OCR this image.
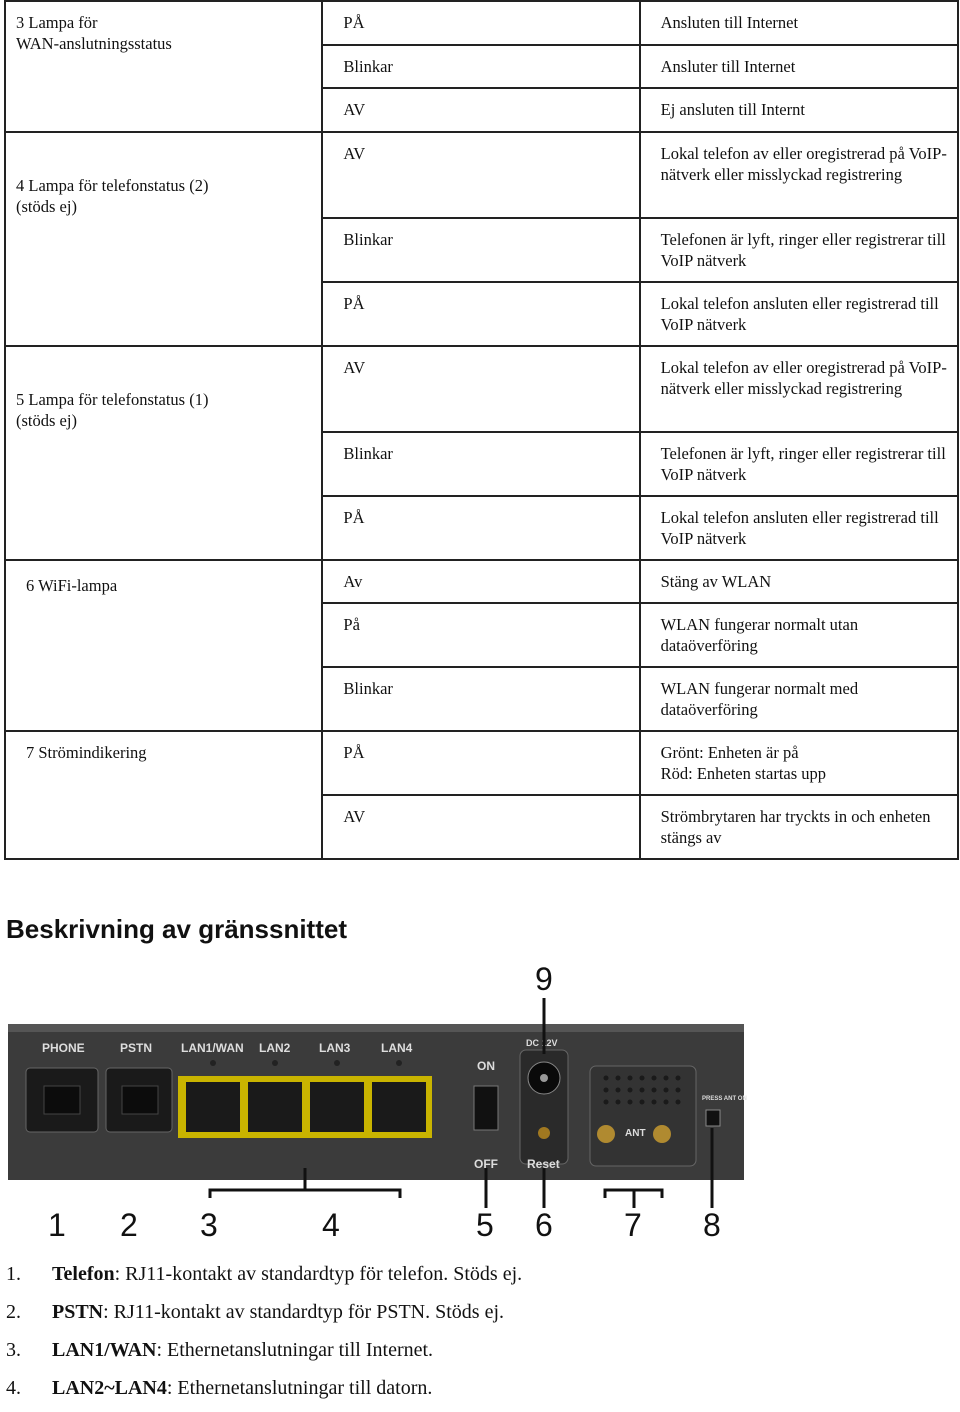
3 Lampa för
WAN-anslutningsstatus	PÅ	Ansluten till Internet
	Blinkar	Ansluter till Internet
	AV	Ej ansluten till Internt
4 Lampa för telefonstatus (2)
(stöds ej)	AV	Lokal telefon av eller oregistrerad på VoIP-nätverk eller misslyckad registrering
	Blinkar	Telefonen är lyft, ringer eller registrerar till VoIP nätverk
	PÅ	Lokal telefon ansluten eller registrerad till VoIP nätverk
5 Lampa för telefonstatus (1)
(stöds ej)	AV	Lokal telefon av eller oregistrerad på VoIP-nätverk eller misslyckad registrering
	Blinkar	Telefonen är lyft, ringer eller registrerar till VoIP nätverk
	PÅ	Lokal telefon ansluten eller registrerad till VoIP nätverk
6 WiFi-lampa	Av	Stäng av WLAN
	På	WLAN fungerar normalt utan dataöverföring
	Blinkar	WLAN fungerar normalt med dataöverföring
7 Strömindikering	PÅ	Grönt: Enheten är på
Röd: Enheten startas upp
	AV	Strömbrytaren har tryckts in och enheten stängs av
Beskrivning av gränssnittet
PHONE	PSTN LAN1/WAN LAN2 LAN3	LAN4
ON
OFF
DC 12V
Reset
ANT
PRESS ANT ON
9
1 2 3	4	5 6 7 8
1. Telefon: RJ11-kontakt av standardtyp för telefon. Stöds ej.
2. PSTN: RJ11-kontakt av standardtyp för PSTN. Stöds ej.
3. LAN1/WAN: Ethernetanslutningar till Internet.
4. LAN2~LAN4: Ethernetanslutningar till datorn.
